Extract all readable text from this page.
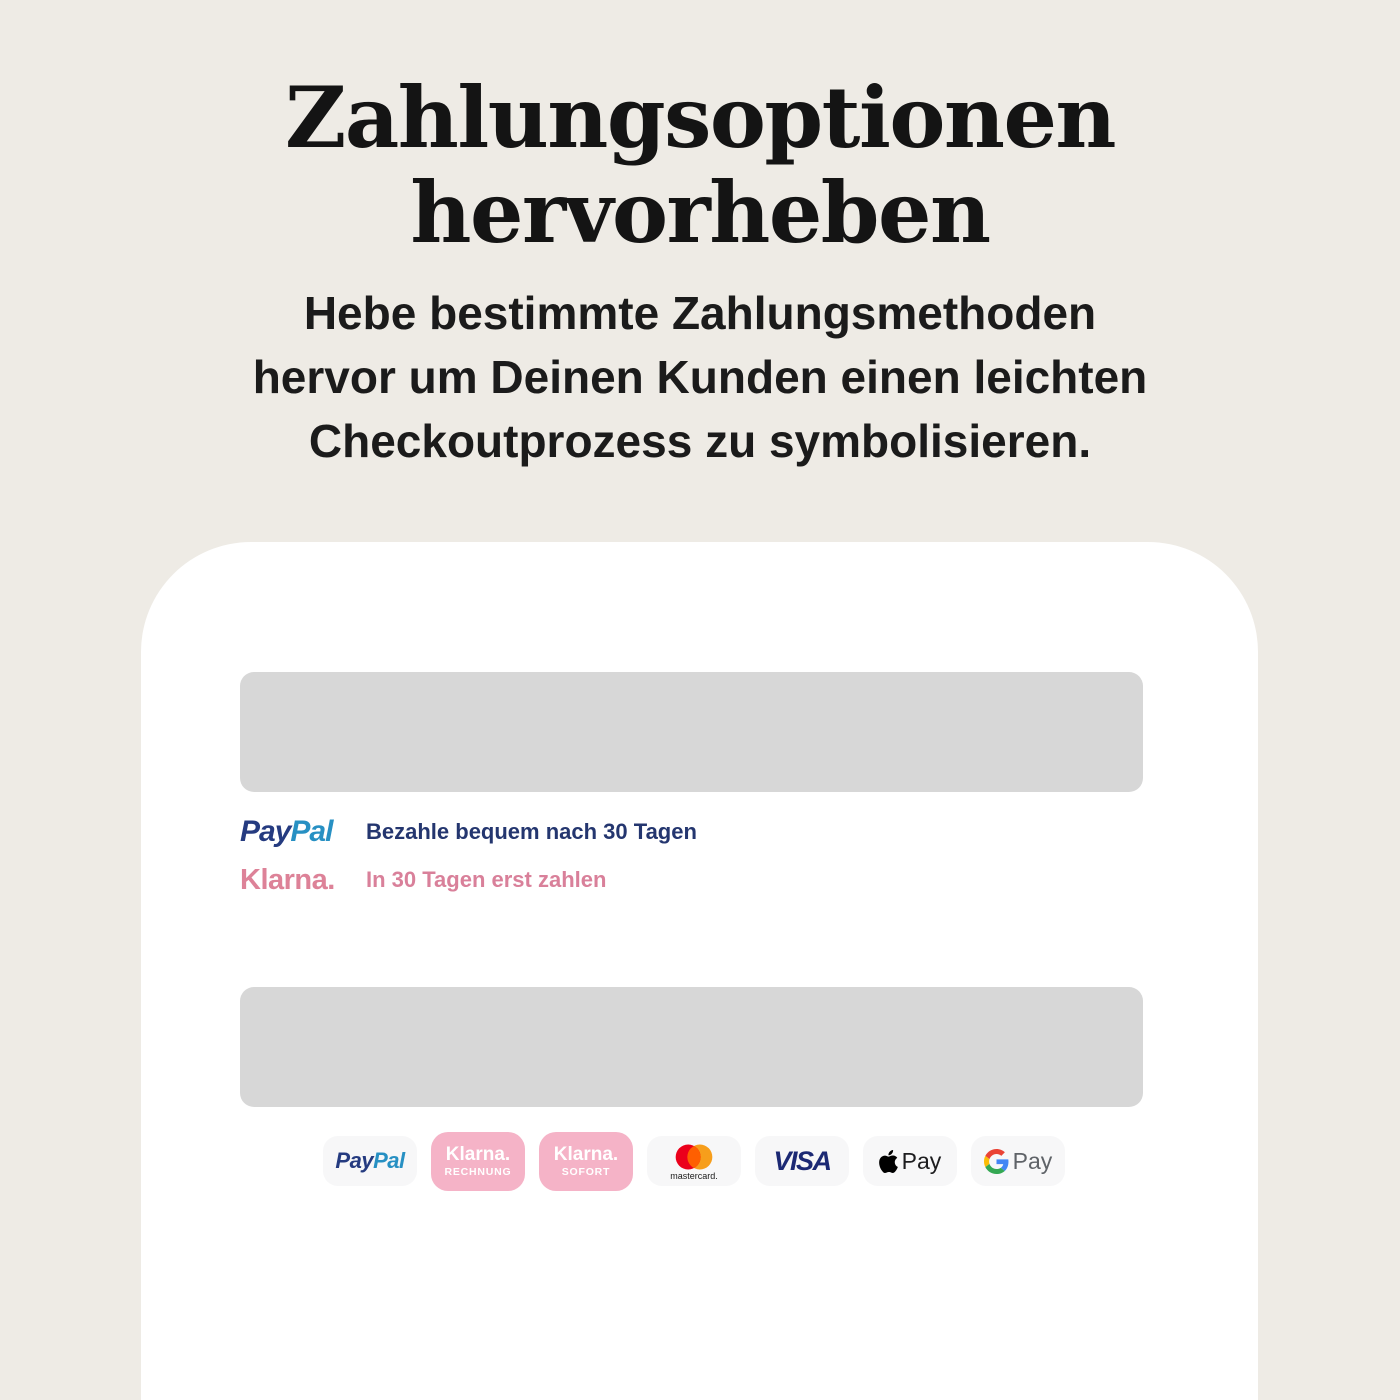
Zahlungsoptionen
hervorheben
Hebe bestimmte Zahlungsmethoden
hervor um Deinen Kunden einen leichten
Checkoutprozess zu symbolisieren.
PayPal	Bezahle bequem nach 30 Tagen
Klarna.	In 30 Tagen erst zahlen
PayPal Klarna.
RECHNUNG
Klarna.
SOFORT	mastercard. VISA	Pay	Pay
